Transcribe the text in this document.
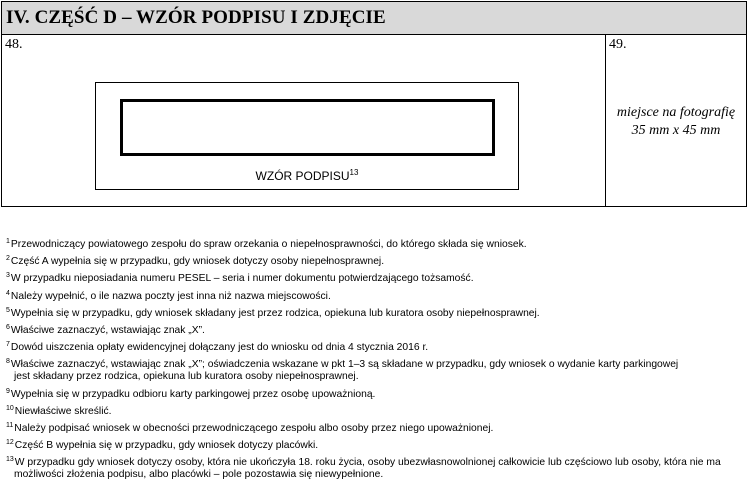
IV. CZĘŚĆ D – WZÓR PODPISU I ZDJĘCIE
48.
WZÓR PODPISU$^{13}$
49.
miejsce na fotografię
35 mm x 45 mm
$^1$Przewodniczący powiatowego zespołu do spraw orzekania o niepełnosprawności, do którego składa się wniosek.
$^2$Część A wypełnia się w przypadku, gdy wniosek dotyczy osoby niepełnosprawnej.
$^3$W przypadku nieposiadania numeru PESEL – seria i numer dokumentu potwierdzającego tożsamość.
$^4$Należy wypełnić, o ile nazwa poczty jest inna niż nazwa miejscowości.
$^5$Wypełnia się w przypadku, gdy wniosek składany jest przez rodzica, opiekuna lub kuratora osoby niepełnosprawnej.
$^6$Właściwe zaznaczyć, wstawiając znak „X”.
$^7$Dowód uiszczenia opłaty ewidencyjnej dołączany jest do wniosku od dnia 4 stycznia 2016 r.
$^8$Właściwe zaznaczyć, wstawiając znak „X”; oświadczenia wskazane w pkt 1–3 są składane w przypadku, gdy wniosek o wydanie karty parkingowej
jest składany przez rodzica, opiekuna lub kuratora osoby niepełnosprawnej.
$^9$Wypełnia się w przypadku odbioru karty parkingowej przez osobę upoważnioną.
$^{10}$Niewłaściwe skreślić.
$^{11}$Należy podpisać wniosek w obecności przewodniczącego zespołu albo osoby przez niego upoważnionej.
$^{12}$Część B wypełnia się w przypadku, gdy wniosek dotyczy placówki.
$^{13}$W przypadku gdy wniosek dotyczy osoby, która nie ukończyła 18. roku życia, osoby ubezwłasnowolnionej całkowicie lub częściowo lub osoby, która nie ma
możliwości złożenia podpisu, albo placówki – pole pozostawia się niewypełnione.
